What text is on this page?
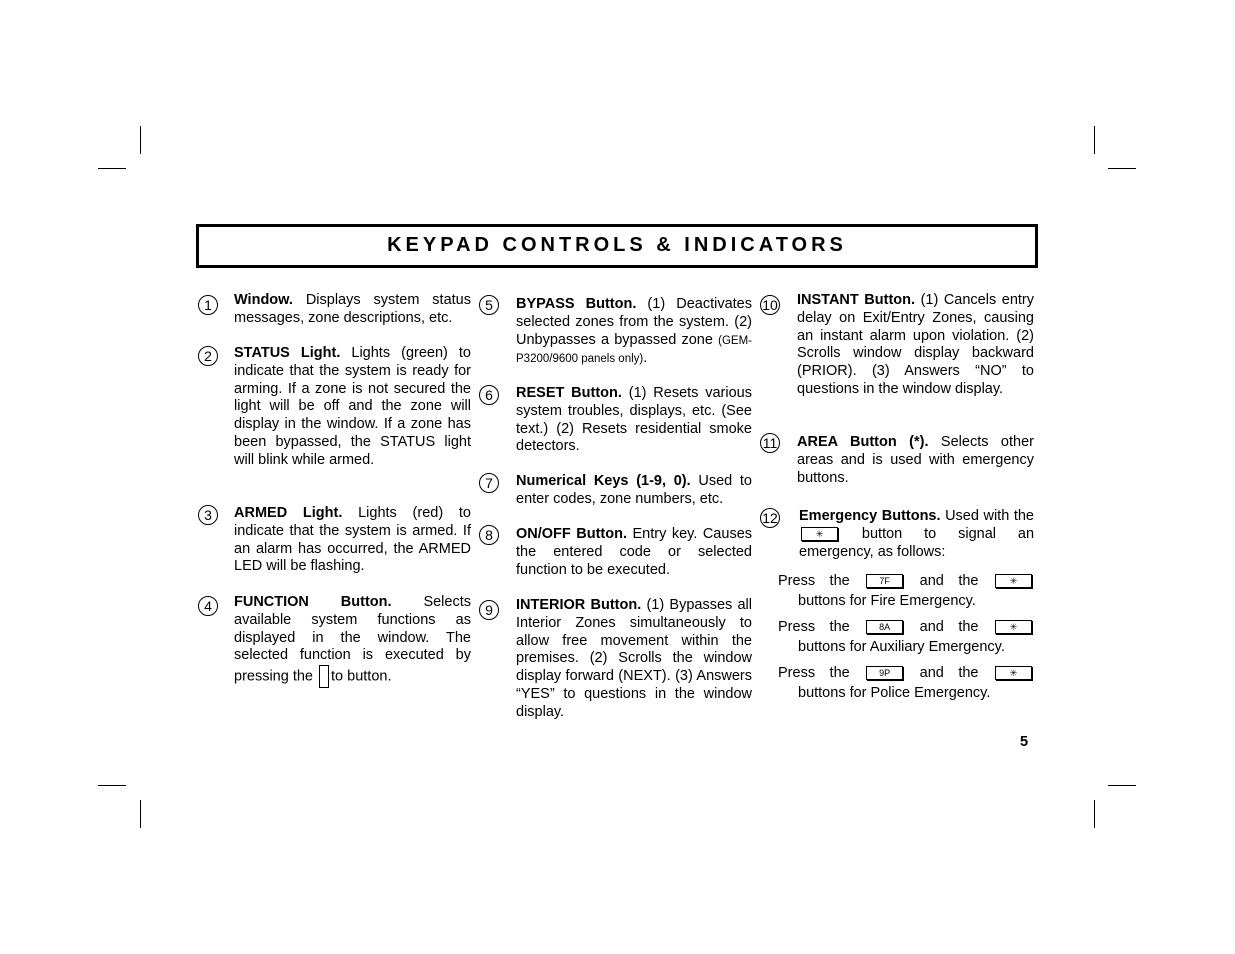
KEYPAD CONTROLS & INDICATORS
1	Window. Displays system status messages, zone descriptions, etc.
2	STATUS Light. Lights (green) to indicate that the system is ready for arming. If a zone is not secured the light will be off and the zone will display in the window. If a zone has been bypassed, the STATUS light will blink while armed.
3	ARMED Light. Lights (red) to indicate that the system is armed. If an alarm has occurred, the ARMED LED will be flashing.
4	FUNCTION Button. Selects available system functions as displayed in the window. The selected function is executed by pressing the to button.
5	BYPASS Button. (1) Deactivates selected zones from the system. (2) Unbypasses a bypassed zone (GEM-P3200/9600 panels only).
6	RESET Button. (1) Resets various system troubles, displays, etc. (See text.) (2) Resets residential smoke detectors.
7	Numerical Keys (1-9, 0). Used to enter codes, zone numbers, etc.
8	ON/OFF Button. Entry key. Causes the entered code or selected function to be executed.
9	INTERIOR Button. (1) Bypasses all Interior Zones simultaneously to allow free movement within the premises. (2) Scrolls the window display forward (NEXT). (3) Answers “YES” to questions in the window display.
10 INSTANT Button. (1) Cancels entry delay on Exit/Entry Zones, causing an instant alarm upon violation. (2) Scrolls window display backward (PRIOR). (3) Answers “NO” to questions in the window display.
11 AREA Button (*). Selects other areas and is used with emergency buttons.
12 Emergency Buttons. Used with the
✳	button to signal an emergency, as follows:
Press the	7F	and the	✳
buttons for Fire Emergency.
Press the	8A	and the	✳
buttons for Auxiliary Emergency.
Press the	9P	and the	✳
buttons for Police Emergency.
5
